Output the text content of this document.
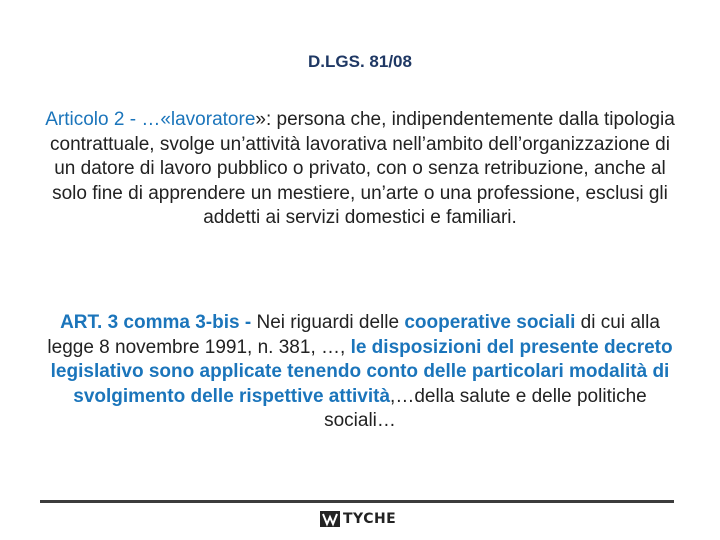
D.LGS. 81/08
Articolo 2 - …«lavoratore»: persona che, indipendentemente dalla tipologia contrattuale, svolge un’attività lavorativa nell’ambito dell’organizzazione di un datore di lavoro pubblico o privato, con o senza retribuzione, anche al solo fine di apprendere un mestiere, un’arte o una professione, esclusi gli addetti ai servizi domestici e familiari.
ART. 3 comma 3-bis - Nei riguardi delle cooperative sociali di cui alla legge 8 novembre 1991, n. 381, …, le disposizioni del presente decreto legislativo sono applicate tenendo conto delle particolari modalità di svolgimento delle rispettive attività,…della salute e delle politiche sociali…
TYCHE
